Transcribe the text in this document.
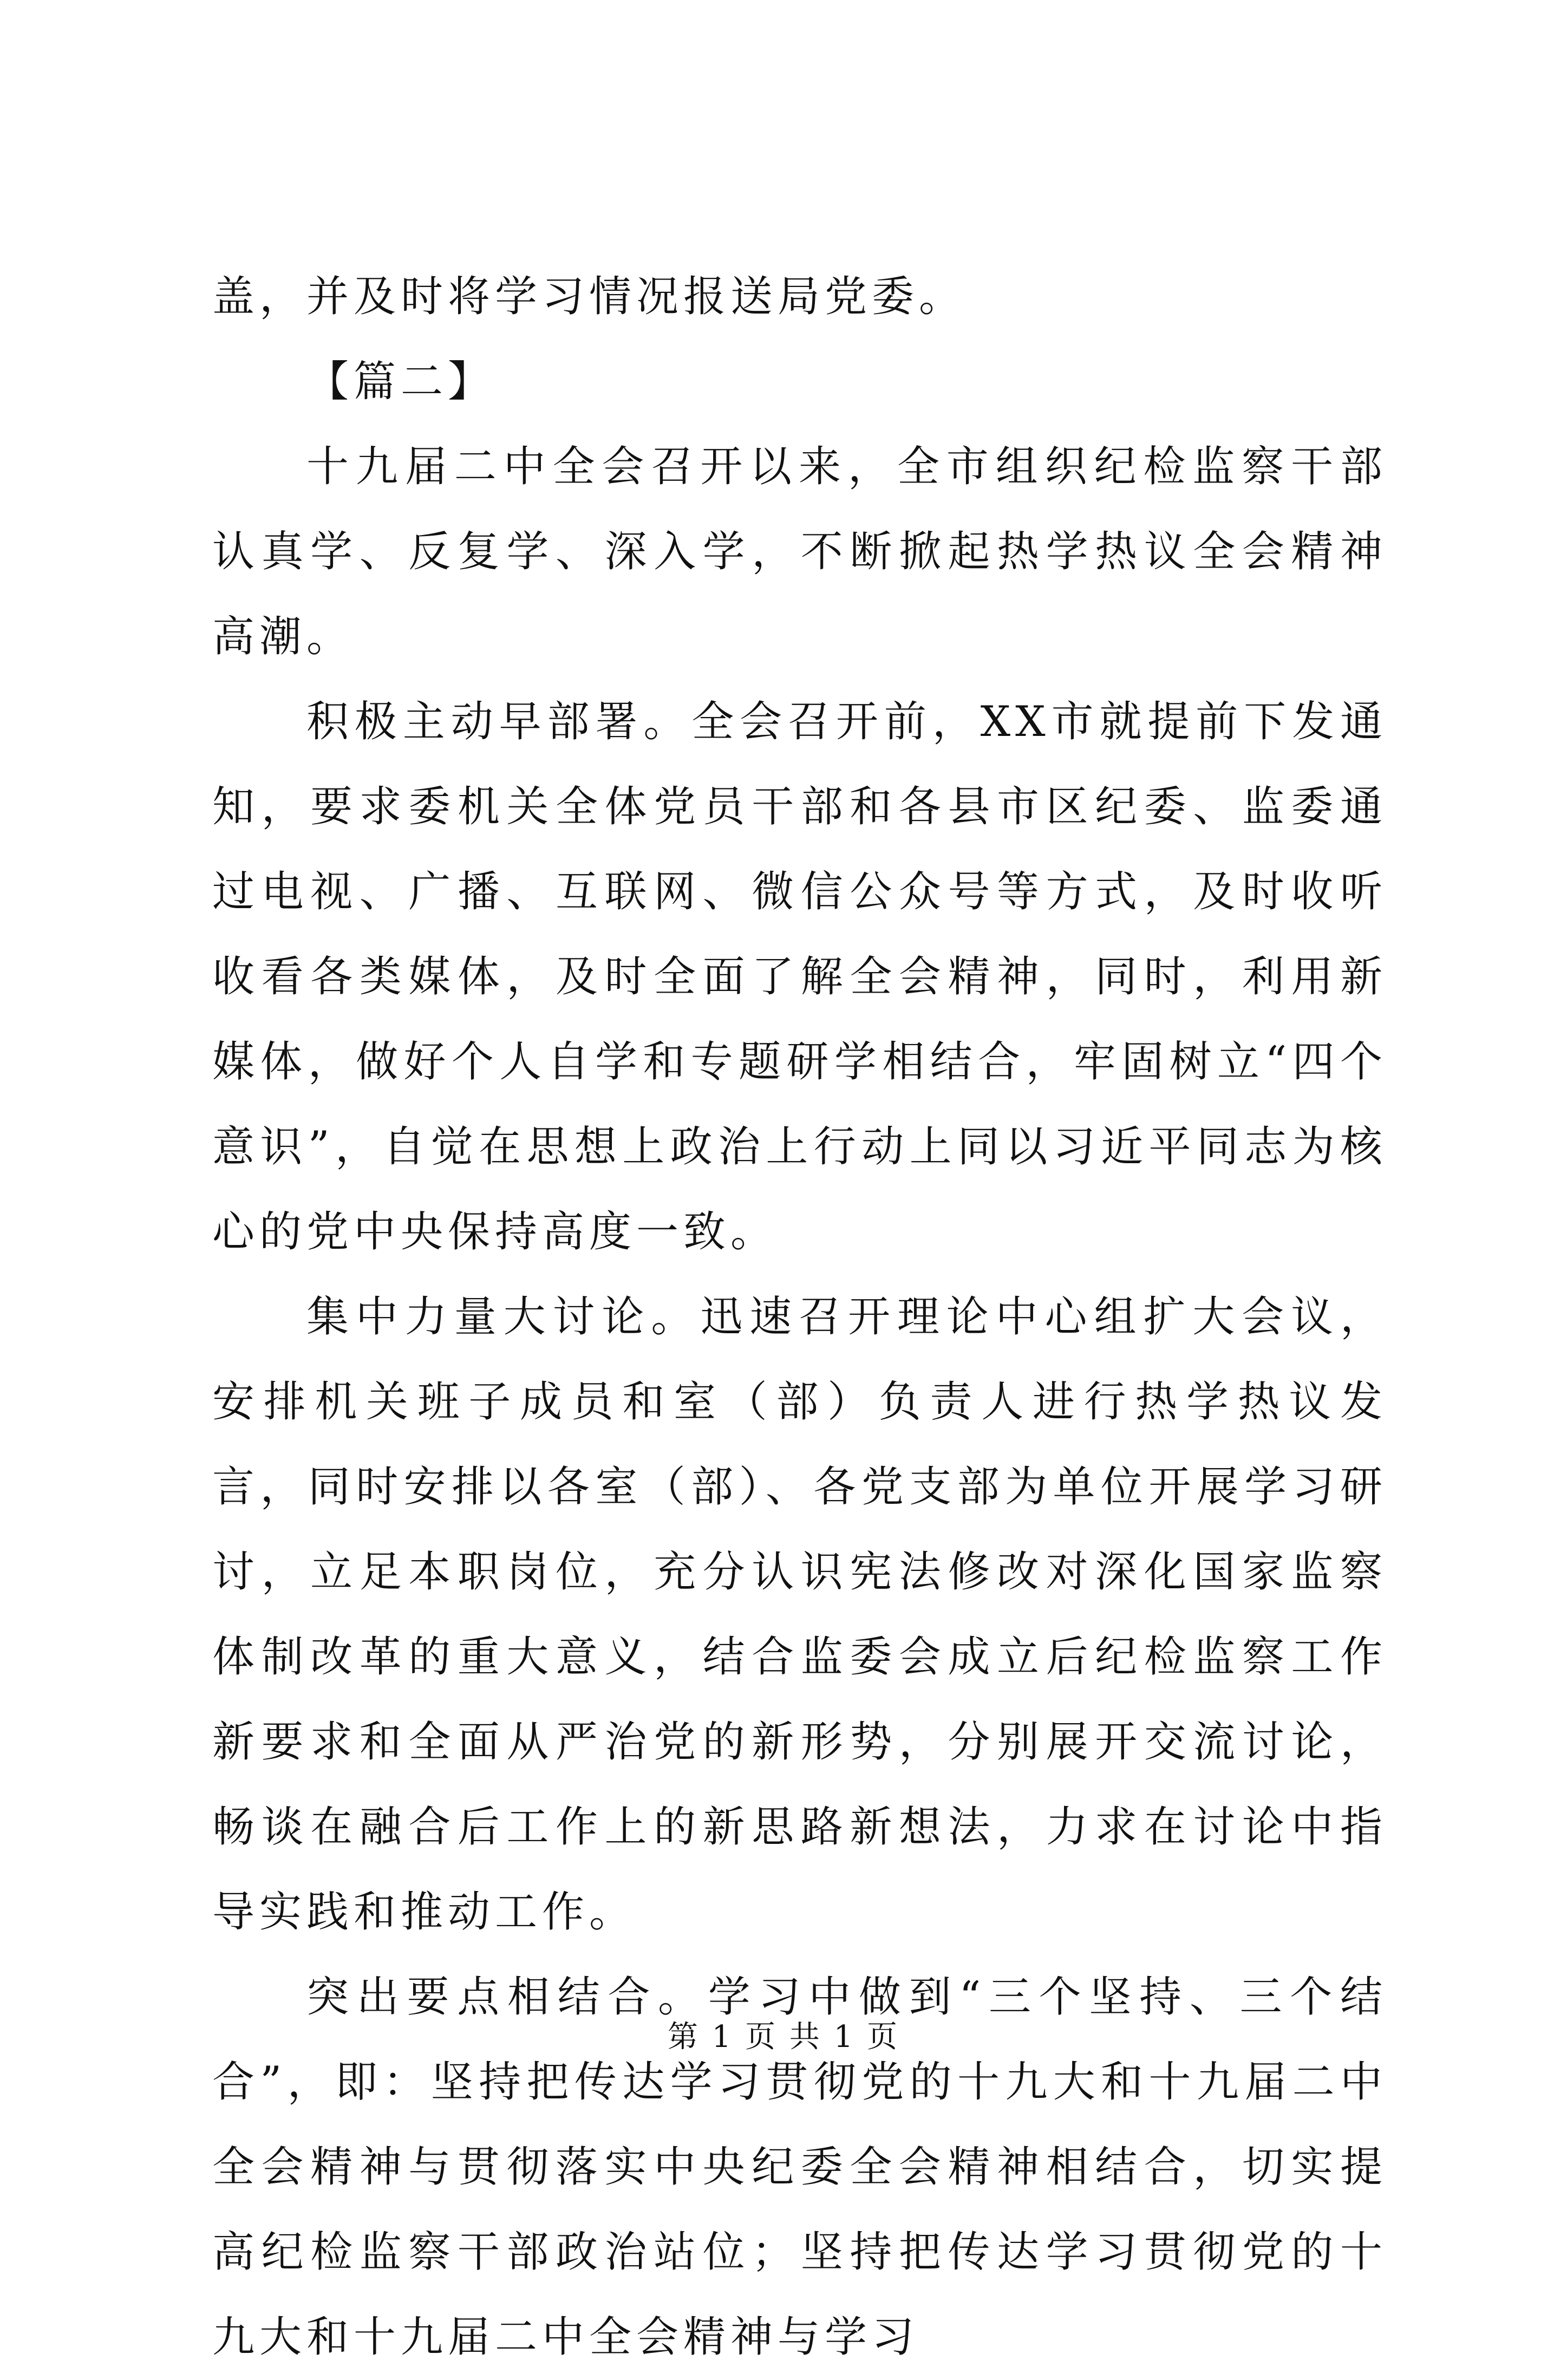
盖，并及时将学习情况报送局党委。

【篇二】

十九届二中全会召开以来，全市组织纪检监察干部认真学、反复学、深入学，不断掀起热学热议全会精神高潮。

积极主动早部署。全会召开前，XX市就提前下发通知，要求委机关全体党员干部和各县市区纪委、监委通过电视、广播、互联网、微信公众号等方式，及时收听收看各类媒体，及时全面了解全会精神，同时，利用新媒体，做好个人自学和专题研学相结合，牢固树立“四个意识”，自觉在思想上政治上行动上同以习近平同志为核心的党中央保持高度一致。

集中力量大讨论。迅速召开理论中心组扩大会议，安排机关班子成员和室（部）负责人进行热学热议发言，同时安排以各室（部）、各党支部为单位开展学习研讨，立足本职岗位，充分认识宪法修改对深化国家监察体制改革的重大意义，结合监委会成立后纪检监察工作新要求和全面从严治党的新形势，分别展开交流讨论，畅谈在融合后工作上的新思路新想法，力求在讨论中指导实践和推动工作。

突出要点相结合。学习中做到“三个坚持、三个结合”，即：坚持把传达学习贯彻党的十九大和十九届二中全会精神与贯彻落实中央纪委全会精神相结合，切实提高纪检监察干部政治站位；坚持把传达学习贯彻党的十九大和十九届二中全会精神与学习

第 1 页 共 1 页
